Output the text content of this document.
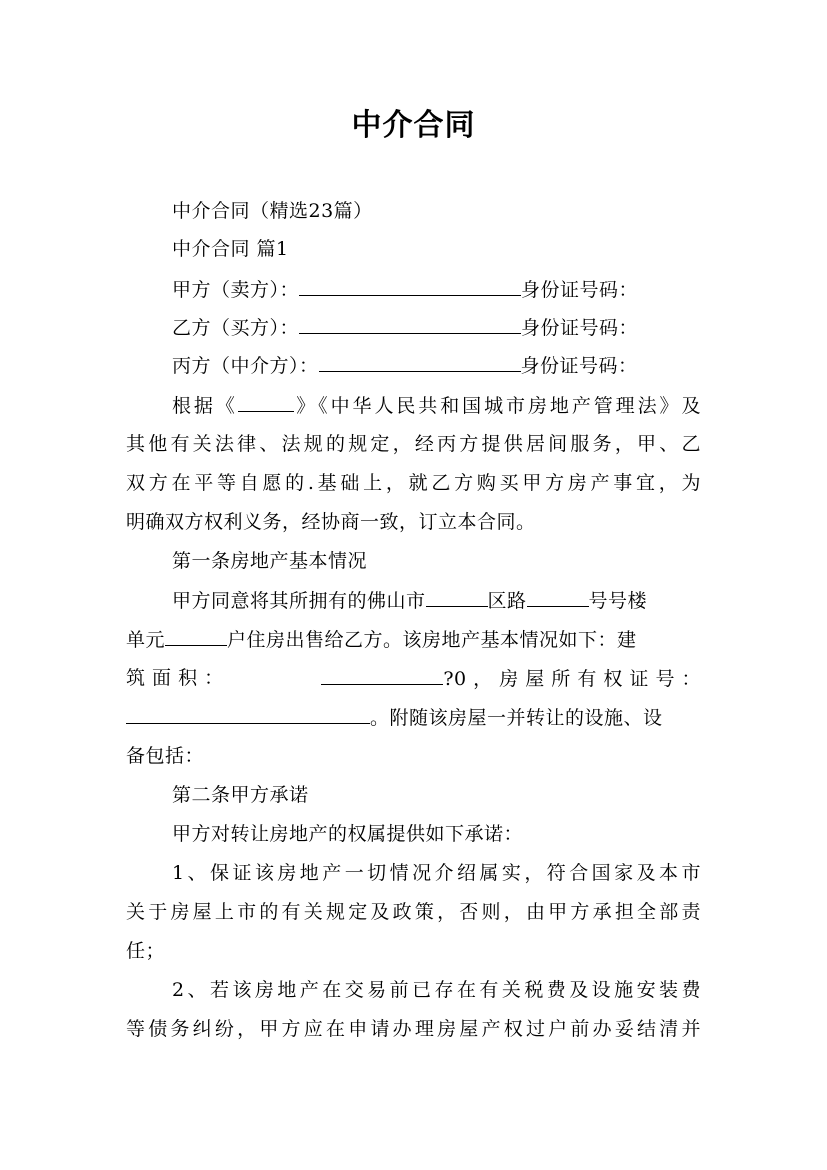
中介合同
中介合同（精选23篇）
中介合同 篇1
甲方（卖方）：	身份证号码：
乙方（买方）：	身份证号码：
丙方（中介方）：	身份证号码：
根据《	》《中华人民共和国城市房地产管理法》及
其他有关法律、法规的规定，经丙方提供居间服务，甲、乙
双方在平等自愿的.基础上，就乙方购买甲方房产事宜，为
明确双方权利义务，经协商一致，订立本合同。
第一条房地产基本情况
甲方同意将其所拥有的佛山市	区路	号号楼
单元	户住房出售给乙方。该房地产基本情况如下：建
筑 面 积 ：	?0 ， 房 屋 所 有 权 证 号 ：
。附随该房屋一并转让的设施、设
备包括：
第二条甲方承诺
甲方对转让房地产的权属提供如下承诺：
1、保证该房地产一切情况介绍属实，符合国家及本市
关于房屋上市的有关规定及政策，否则，由甲方承担全部责
任；
2、若该房地产在交易前已存在有关税费及设施安装费
等债务纠纷，甲方应在申请办理房屋产权过户前办妥结清并
